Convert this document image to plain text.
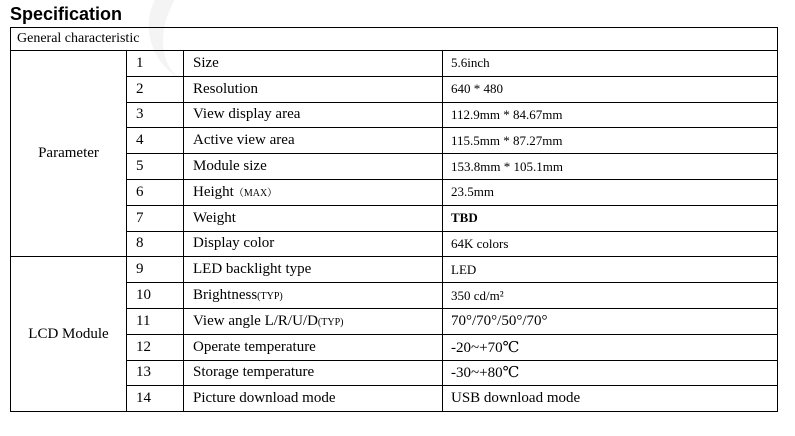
Specification
General characteristic			
Parameter	1	Size	5.6inch
	2	Resolution	640 * 480
	3	View display area	112.9mm * 84.67mm
	4	Active view area	115.5mm * 87.27mm
	5	Module size	153.8mm * 105.1mm
	6	Height（MAX）	23.5mm
	7	Weight	TBD
	8	Display color	64K colors
LCD Module	9	LED backlight type	LED
	10	Brightness(TYP)	350 cd/m²
	11	View angle L/R/U/D(TYP)	70°/70°/50°/70°
	12	Operate temperature	-20~+70℃
	13	Storage temperature	-30~+80℃
	14	Picture download mode	USB download mode
